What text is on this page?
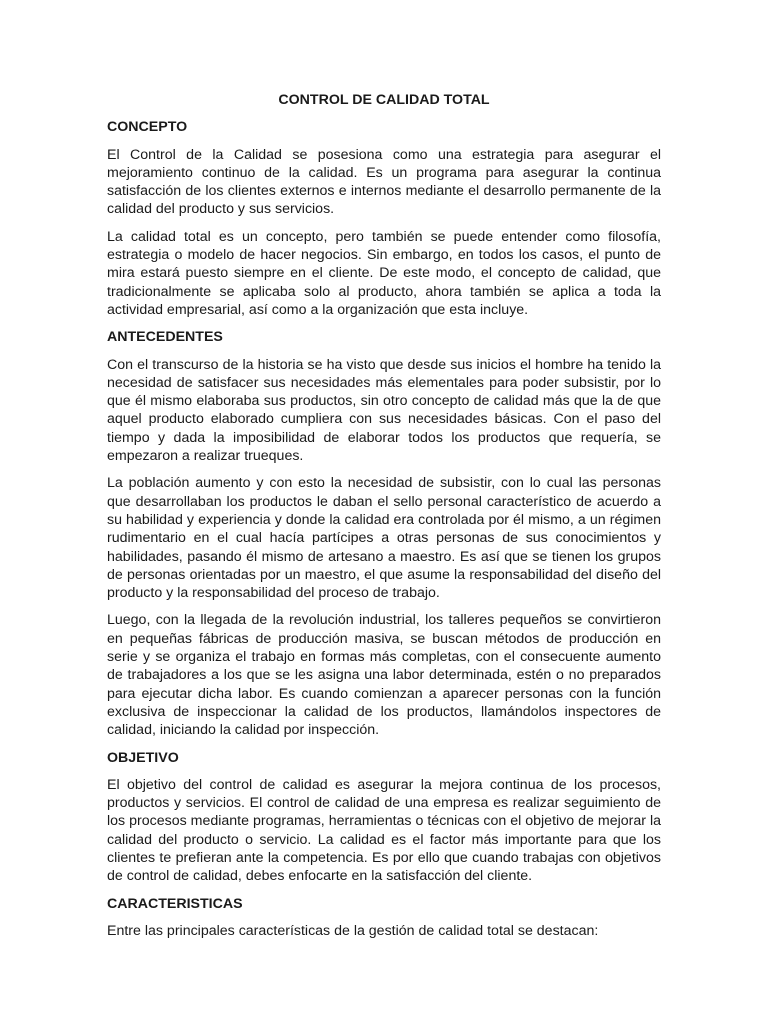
CONTROL DE CALIDAD TOTAL
CONCEPTO

El Control de la Calidad se posesiona como una estrategia para asegurar el mejoramiento continuo de la calidad. Es un programa para asegurar la continua satisfacción de los clientes externos e internos mediante el desarrollo permanente de la calidad del producto y sus servicios.

La calidad total es un concepto, pero también se puede entender como filosofía, estrategia o modelo de hacer negocios. Sin embargo, en todos los casos, el punto de mira estará puesto siempre en el cliente. De este modo, el concepto de calidad, que tradicionalmente se aplicaba solo al producto, ahora también se aplica a toda la actividad empresarial, así como a la organización que esta incluye.

ANTECEDENTES

Con el transcurso de la historia se ha visto que desde sus inicios el hombre ha tenido la necesidad de satisfacer sus necesidades más elementales para poder subsistir, por lo que él mismo elaboraba sus productos, sin otro concepto de calidad más que la de que aquel producto elaborado cumpliera con sus necesidades básicas. Con el paso del tiempo y dada la imposibilidad de elaborar todos los productos que requería, se empezaron a realizar trueques.

La población aumento y con esto la necesidad de subsistir, con lo cual las personas que desarrollaban los productos le daban el sello personal característico de acuerdo a su habilidad y experiencia y donde la calidad era controlada por él mismo, a un régimen rudimentario en el cual hacía partícipes a otras personas de sus conocimientos y habilidades, pasando él mismo de artesano a maestro. Es así que se tienen los grupos de personas orientadas por un maestro, el que asume la responsabilidad del diseño del producto y la responsabilidad del proceso de trabajo.

Luego, con la llegada de la revolución industrial, los talleres pequeños se convirtieron en pequeñas fábricas de producción masiva, se buscan métodos de producción en serie y se organiza el trabajo en formas más completas, con el consecuente aumento de trabajadores a los que se les asigna una labor determinada, estén o no preparados para ejecutar dicha labor. Es cuando comienzan a aparecer personas con la función exclusiva de inspeccionar la calidad de los productos, llamándolos inspectores de calidad, iniciando la calidad por inspección.

OBJETIVO

El objetivo del control de calidad es asegurar la mejora continua de los procesos, productos y servicios. El control de calidad de una empresa es realizar seguimiento de los procesos mediante programas, herramientas o técnicas con el objetivo de mejorar la calidad del producto o servicio. La calidad es el factor más importante para que los clientes te prefieran ante la competencia. Es por ello que cuando trabajas con objetivos de control de calidad, debes enfocarte en la satisfacción del cliente.

CARACTERISTICAS

Entre las principales características de la gestión de calidad total se destacan:
